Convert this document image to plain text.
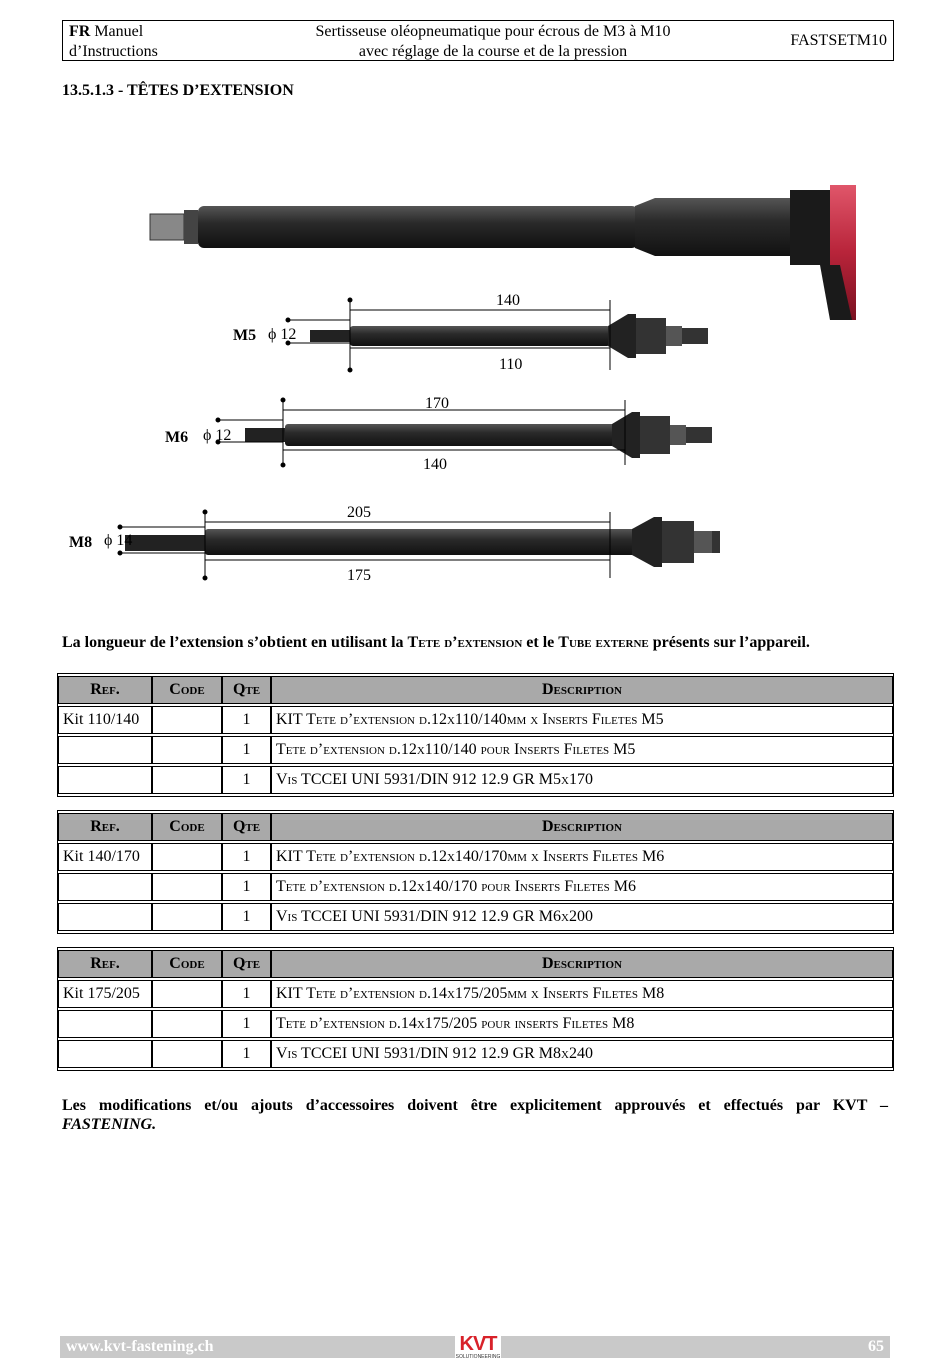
FR Manuel
d’Instructions
Sertisseuse oléopneumatique pour écrous de M3 à M10
avec réglage de la course et de la pression
FASTSETM10
13.5.1.3 - TÊTES D’EXTENSION
M5 ϕ 12
140
110
M6 ϕ 12
170
140
M8 ϕ 14
205
175
La longueur de l’extension s’obtient en utilisant la Tete d’extension et le Tube externe présents sur l’appareil.
Ref.	Code	Qte	Description
Kit 110/140		1	KIT Tete d’extension d.12x110/140mm x Inserts Filetes M5
		1	Tete d’extension d.12x110/140 pour Inserts Filetes M5
		1	Vis TCCEI UNI 5931/DIN 912 12.9 GR M5x170
Ref.	Code	Qte	Description
Kit 140/170		1	KIT Tete d’extension d.12x140/170mm x Inserts Filetes M6
		1	Tete d’extension d.12x140/170 pour Inserts Filetes M6
		1	Vis TCCEI UNI 5931/DIN 912 12.9 GR M6x200
Ref.	Code	Qte	Description
Kit 175/205		1	KIT Tete d’extension d.14x175/205mm x Inserts Filetes M8
		1	Tete d’extension d.14x175/205 pour inserts Filetes M8
		1	Vis TCCEI UNI 5931/DIN 912 12.9 GR M8x240
Les modifications et/ou ajouts d’accessoires doivent être explicitement approuvés et effectués par KVT –
FASTENING.
www.kvt-fastening.ch	65
KVT
SOLUTIONEERING
